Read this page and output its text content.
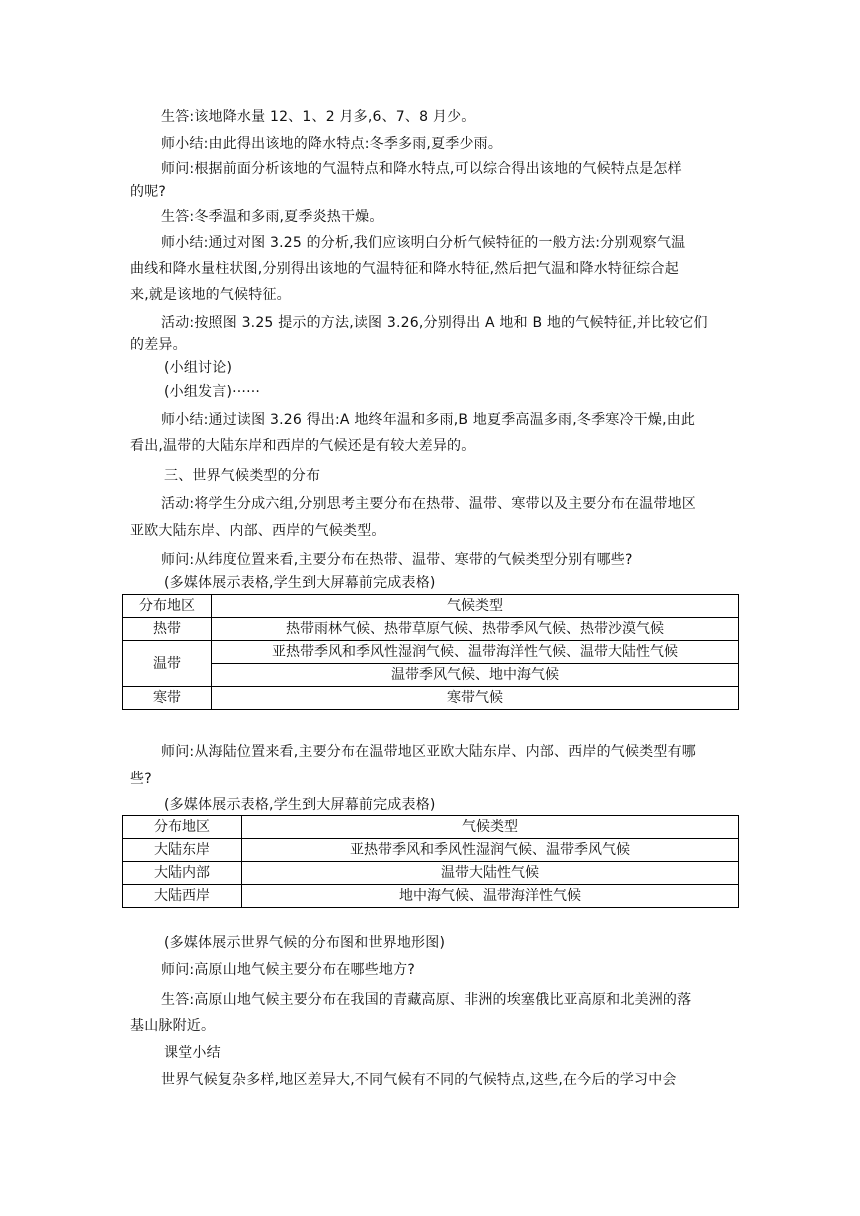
生答:该地降水量 12、1、2 月多,6、7、8 月少。
师小结:由此得出该地的降水特点:冬季多雨,夏季少雨。
师问:根据前面分析该地的气温特点和降水特点,可以综合得出该地的气候特点是怎样
的呢?
生答:冬季温和多雨,夏季炎热干燥。
师小结:通过对图 3.25 的分析,我们应该明白分析气候特征的一般方法:分别观察气温
曲线和降水量柱状图,分别得出该地的气温特征和降水特征,然后把气温和降水特征综合起
来,就是该地的气候特征。
活动:按照图 3.25 提示的方法,读图 3.26,分别得出 A 地和 B 地的气候特征,并比较它们
的差异。
(小组讨论)
(小组发言)······
师小结:通过读图 3.26 得出:A 地终年温和多雨,B 地夏季高温多雨,冬季寒冷干燥,由此
看出,温带的大陆东岸和西岸的气候还是有较大差异的。
三、世界气候类型的分布
活动:将学生分成六组,分别思考主要分布在热带、温带、寒带以及主要分布在温带地区
亚欧大陆东岸、内部、西岸的气候类型。
师问:从纬度位置来看,主要分布在热带、温带、寒带的气候类型分别有哪些?
(多媒体展示表格,学生到大屏幕前完成表格)
分布地区	气候类型
热带	热带雨林气候、热带草原气候、热带季风气候、热带沙漠气候
温带	亚热带季风和季风性湿润气候、温带海洋性气候、温带大陆性气候
	温带季风气候、地中海气候
寒带	寒带气候
师问:从海陆位置来看,主要分布在温带地区亚欧大陆东岸、内部、西岸的气候类型有哪
些?
(多媒体展示表格,学生到大屏幕前完成表格)
分布地区	气候类型
大陆东岸	亚热带季风和季风性湿润气候、温带季风气候
大陆内部	温带大陆性气候
大陆西岸	地中海气候、温带海洋性气候
(多媒体展示世界气候的分布图和世界地形图)
师问:高原山地气候主要分布在哪些地方?
生答:高原山地气候主要分布在我国的青藏高原、非洲的埃塞俄比亚高原和北美洲的落
基山脉附近。
课堂小结
世界气候复杂多样,地区差异大,不同气候有不同的气候特点,这些,在今后的学习中会
